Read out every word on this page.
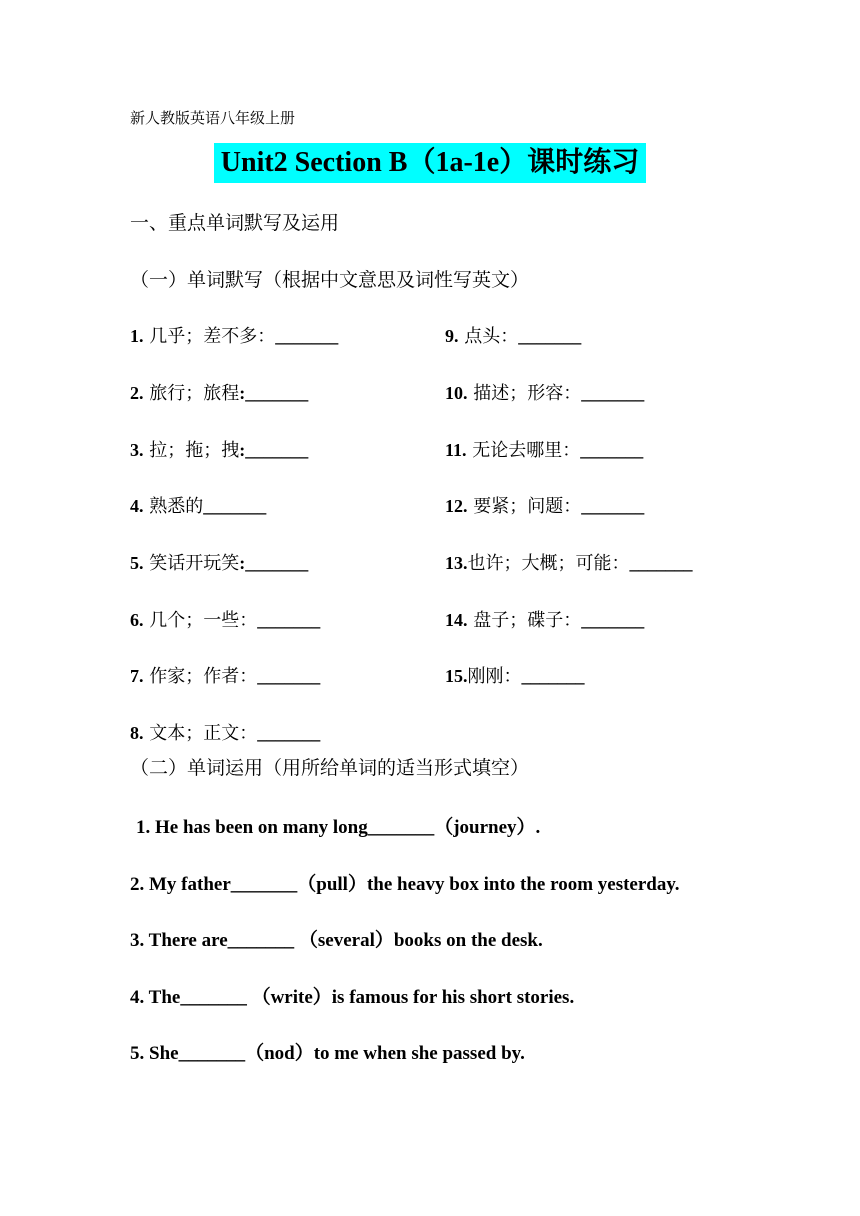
新人教版英语八年级上册
Unit2 Section B（1a-1e）课时练习
一、重点单词默写及运用
（一）单词默写（根据中文意思及词性写英文）
1. 几乎；差不多：_______
2. 旅行；旅程:_______
3. 拉；拖；拽:_______
4. 熟悉的_______
5. 笑话开玩笑:_______
6. 几个；一些：_______
7. 作家；作者：_______
8. 文本；正文：_______
9. 点头：_______
10. 描述；形容：_______
11. 无论去哪里：_______
12. 要紧；问题：_______
13.也许；大概；可能：_______
14. 盘子；碟子：_______
15.刚刚：_______
（二）单词运用（用所给单词的适当形式填空）
1. He has been on many long_______（journey）.
2. My father_______（pull）the heavy box into the room yesterday.
3. There are_______ （several）books on the desk.
4. The_______ （write）is famous for his short stories.
5. She_______（nod）to me when she passed by.
